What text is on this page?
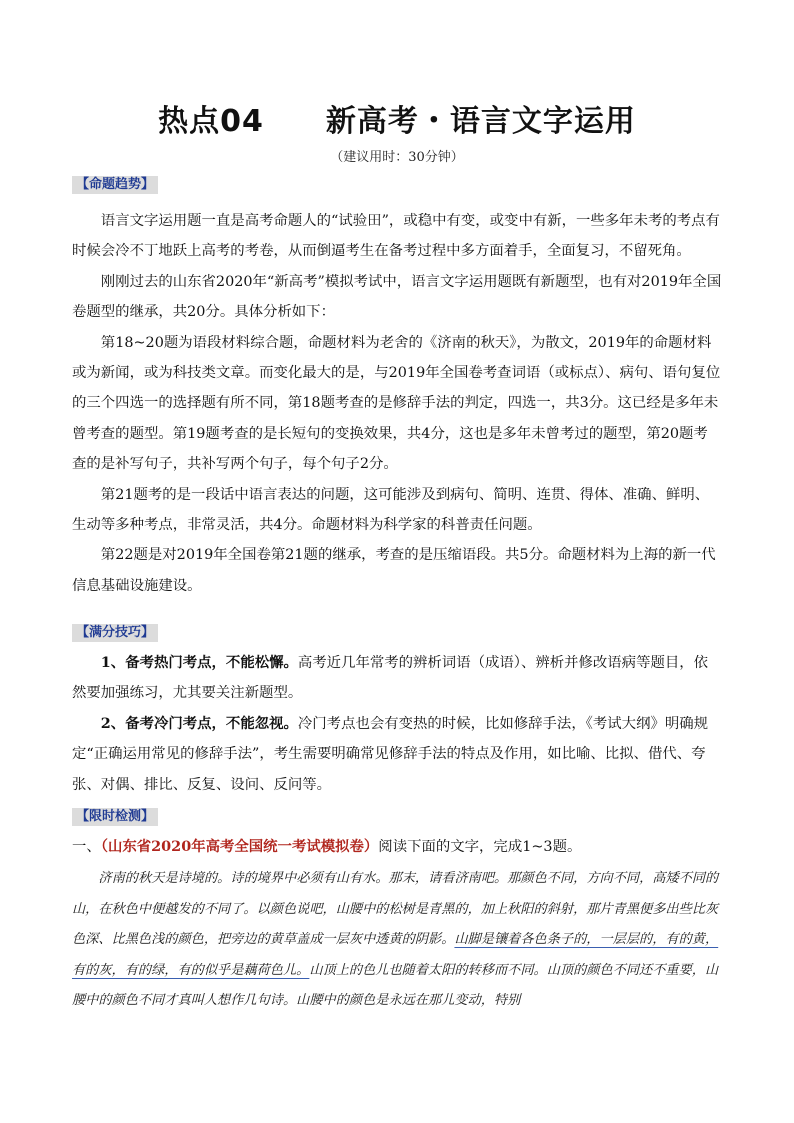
热点04 新高考・语言文字运用
（建议用时：30分钟）
【命题趋势】

语言文字运用题一直是高考命题人的“试验田”，或稳中有变，或变中有新，一些多年未考的考点有时候会冷不丁地跃上高考的考卷，从而倒逼考生在备考过程中多方面着手，全面复习，不留死角。

刚刚过去的山东省2020年“新高考”模拟考试中，语言文字运用题既有新题型，也有对2019年全国卷题型的继承，共20分。具体分析如下：

第18~20题为语段材料综合题，命题材料为老舍的《济南的秋天》，为散文，2019年的命题材料或为新闻，或为科技类文章。而变化最大的是，与2019年全国卷考查词语（或标点）、病句、语句复位的三个四选一的选择题有所不同，第18题考查的是修辞手法的判定，四选一，共3分。这已经是多年未曾考查的题型。第19题考查的是长短句的变换效果，共4分，这也是多年未曾考过的题型，第20题考查的是补写句子，共补写两个句子，每个句子2分。

第21题考的是一段话中语言表达的问题，这可能涉及到病句、简明、连贯、得体、准确、鲜明、生动等多种考点，非常灵活，共4分。命题材料为科学家的科普责任问题。

第22题是对2019年全国卷第21题的继承，考查的是压缩语段。共5分。命题材料为上海的新一代信息基础设施建设。

【满分技巧】

1、备考热门考点，不能松懈。高考近几年常考的辨析词语（成语）、辨析并修改语病等题目，依然要加强练习，尤其要关注新题型。

2、备考冷门考点，不能忽视。冷门考点也会有变热的时候，比如修辞手法，《考试大纲》明确规定“正确运用常见的修辞手法”，考生需要明确常见修辞手法的特点及作用，如比喻、比拟、借代、夸张、对偶、排比、反复、设问、反问等。

【限时检测】

一、（山东省2020年高考全国统一考试模拟卷）阅读下面的文字，完成1~3题。

济南的秋天是诗境的。诗的境界中必须有山有水。那末，请看济南吧。那颜色不同，方向不同，高矮不同的山，在秋色中便越发的不同了。以颜色说吧，山腰中的松树是青黑的，加上秋阳的斜射，那片青黑便多出些比灰色深、比黑色浅的颜色，把旁边的黄草盖成一层灰中透黄的阴影。山脚是镶着各色条子的，一层层的，有的黄，有的灰，有的绿，有的似乎是藕荷色儿。山顶上的色儿也随着太阳的转移而不同。山顶的颜色不同还不重要，山腰中的颜色不同才真叫人想作几句诗。山腰中的颜色是永远在那儿变动，特别
